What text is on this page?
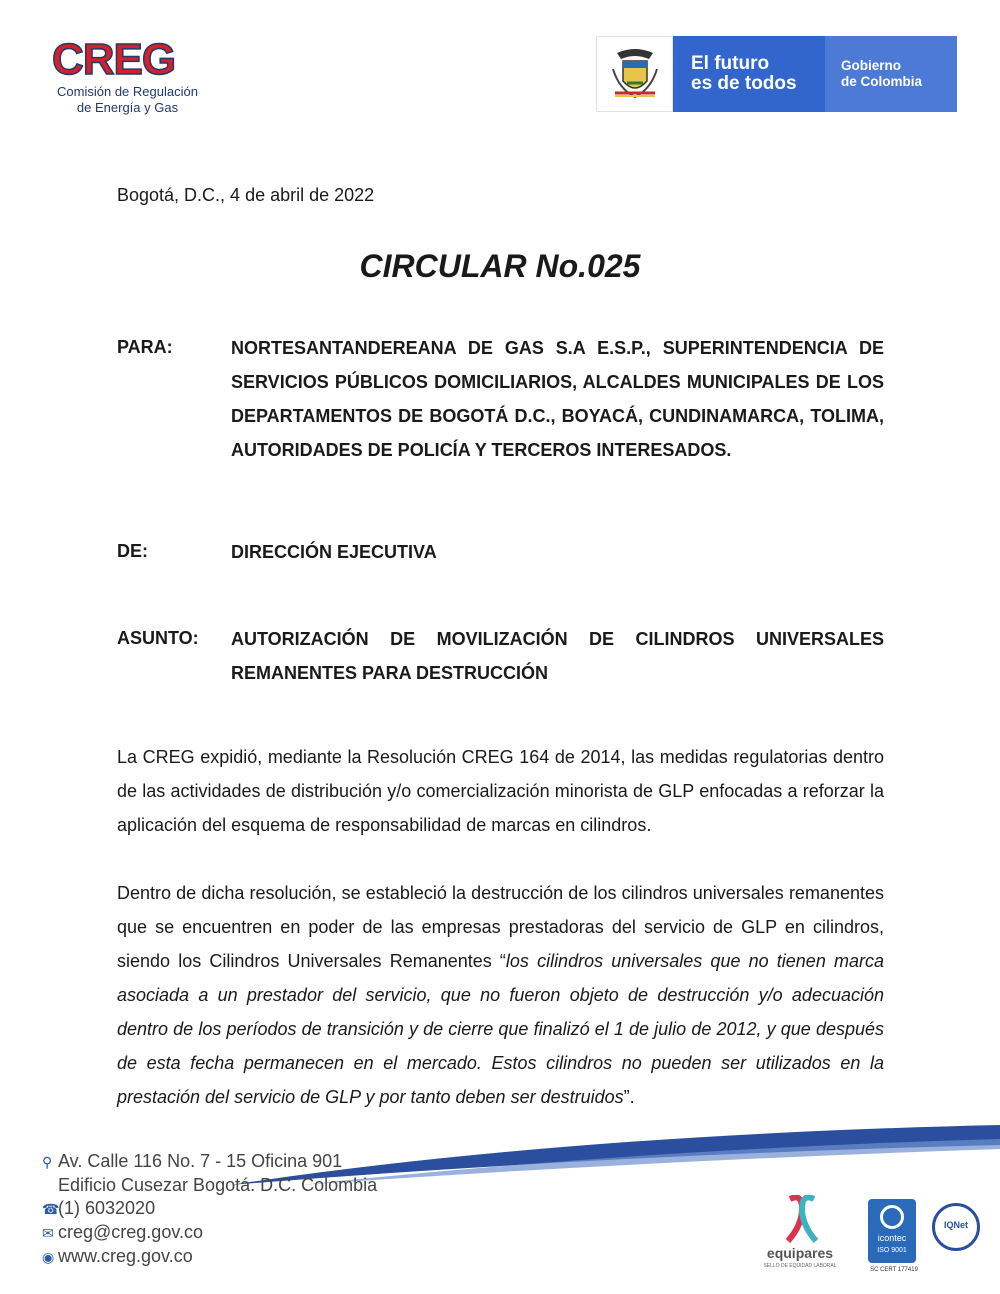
CREG
Comisión de Regulación
de Energía y Gas
El futuro
es de todos
Gobierno
de Colombia
Bogotá, D.C., 4 de abril de 2022
CIRCULAR No.025
PARA:	NORTESANTANDEREANA DE GAS S.A E.S.P., SUPERINTENDENCIA DE SERVICIOS PÚBLICOS DOMICILIARIOS, ALCALDES MUNICIPALES DE LOS DEPARTAMENTOS DE BOGOTÁ D.C., BOYACÁ, CUNDINAMARCA, TOLIMA, AUTORIDADES DE POLICÍA Y TERCEROS INTERESADOS.
DE:	DIRECCIÓN EJECUTIVA
ASUNTO: AUTORIZACIÓN DE MOVILIZACIÓN DE CILINDROS UNIVERSALES REMANENTES PARA DESTRUCCIÓN
La CREG expidió, mediante la Resolución CREG 164 de 2014, las medidas regulatorias dentro de las actividades de distribución y/o comercialización minorista de GLP enfocadas a reforzar la aplicación del esquema de responsabilidad de marcas en cilindros.
Dentro de dicha resolución, se estableció la destrucción de los cilindros universales remanentes que se encuentren en poder de las empresas prestadoras del servicio de GLP en cilindros, siendo los Cilindros Universales Remanentes “los cilindros universales que no tienen marca asociada a un prestador del servicio, que no fueron objeto de destrucción y/o adecuación dentro de los períodos de transición y de cierre que finalizó el 1 de julio de 2012, y que después de esta fecha permanecen en el mercado. Estos cilindros no pueden ser utilizados en la prestación del servicio de GLP y por tanto deben ser destruidos”.
⚲ Av. Calle 116 No. 7 - 15 Oficina 901
Edificio Cusezar Bogotá. D.C. Colombia
☎(1) 6032020
✉ creg@creg.gov.co
◉ www.creg.gov.co	equipares
SELLO DE EQUIDAD LABORAL
icontec
ISO 9001
SC CERT 177419
IQNet
